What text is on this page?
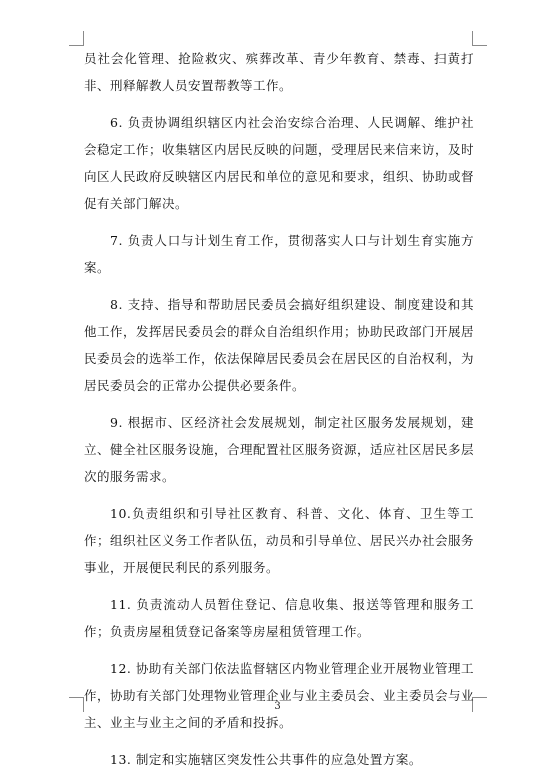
员社会化管理、抢险救灾、殡葬改革、青少年教育、禁毒、扫黄打非、刑释解教人员安置帮教等工作。

6. 负责协调组织辖区内社会治安综合治理、人民调解、维护社会稳定工作；收集辖区内居民反映的问题，受理居民来信来访，及时向区人民政府反映辖区内居民和单位的意见和要求，组织、协助或督促有关部门解决。

7. 负责人口与计划生育工作，贯彻落实人口与计划生育实施方案。

8. 支持、指导和帮助居民委员会搞好组织建设、制度建设和其他工作，发挥居民委员会的群众自治组织作用；协助民政部门开展居民委员会的选举工作，依法保障居民委员会在居民区的自治权利，为居民委员会的正常办公提供必要条件。

9. 根据市、区经济社会发展规划，制定社区服务发展规划，建立、健全社区服务设施，合理配置社区服务资源，适应社区居民多层次的服务需求。

10.负责组织和引导社区教育、科普、文化、体育、卫生等工作；组织社区义务工作者队伍，动员和引导单位、居民兴办社会服务事业，开展便民利民的系列服务。

11. 负责流动人员暂住登记、信息收集、报送等管理和服务工作；负责房屋租赁登记备案等房屋租赁管理工作。

12. 协助有关部门依法监督辖区内物业管理企业开展物业管理工作，协助有关部门处理物业管理企业与业主委员会、业主委员会与业主、业主与业主之间的矛盾和投拆。

13. 制定和实施辖区突发性公共事件的应急处置方案。

3
